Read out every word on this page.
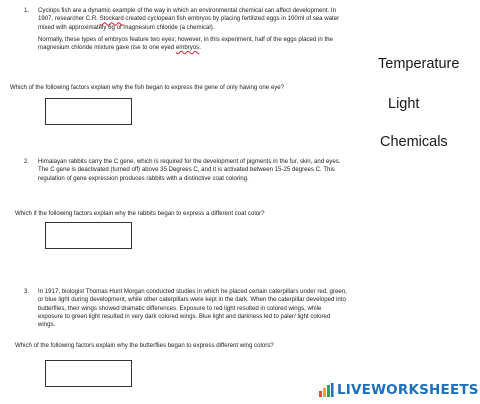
1. Cyclops fish are a dynamic example of the way in which an environmental chemical can affect development. In 1907, researcher C.R. Stockard created cyclopean fish embryos by placing fertilized eggs in 100ml of sea water mixed with approximately 6g of magnesium chloride (a chemical).

Normally, these types of embryos feature two eyes; however, in this experiment, half of the eggs placed in the magnesium chloride mixture gave rise to one eyed embryos.

Which of the following factors explain why the fish began to express the gene of only having one eye?
2. Himalayan rabbits carry the C gene, which is required for the development of pigments in the fur, skin, and eyes. The C gene is deactivated (turned off) above 35 Degrees C, and it is activated between 15-25 degrees C. This regulation of gene expression produces rabbits with a distinctive coat coloring.

Which if the following factors explain why the rabbits began to express a different coat color?
3. In 1917, biologist Thomas Hunt Morgan conducted studies in which he placed certain caterpillars under red, green, or blue light during development, while other caterpillars were kept in the dark. When the caterpillar developed into butterflies, their wings showed dramatic differences. Exposure to red light resulted in colored wings, while exposure to green light resulted in very dark colored wings. Blue light and darkness led to paler/ light colored wings.

Which of the following factors explain why the butterflies began to express different wing colors?
Temperature
Light
Chemicals
LIVEWORKSHEETS
